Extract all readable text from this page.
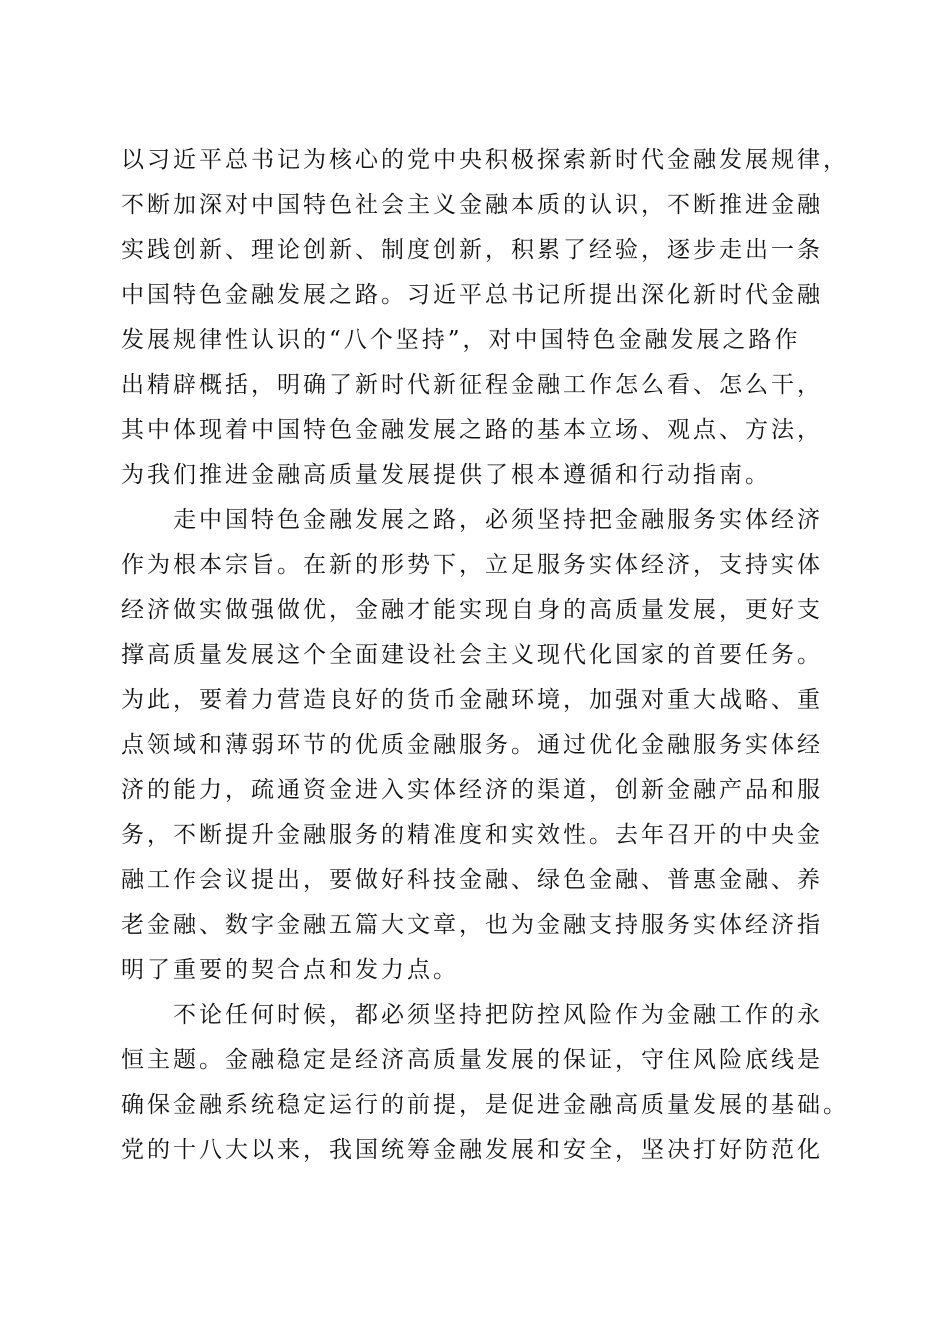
以习近平总书记为核心的党中央积极探索新时代金融发展规律，
不断加深对中国特色社会主义金融本质的认识，不断推进金融
实践创新、理论创新、制度创新，积累了经验，逐步走出一条
中国特色金融发展之路。习近平总书记所提出深化新时代金融
发展规律性认识的“八个坚持”，对中国特色金融发展之路作
出精辟概括，明确了新时代新征程金融工作怎么看、怎么干，
其中体现着中国特色金融发展之路的基本立场、观点、方法，
为我们推进金融高质量发展提供了根本遵循和行动指南。
走中国特色金融发展之路，必须坚持把金融服务实体经济
作为根本宗旨。在新的形势下，立足服务实体经济，支持实体
经济做实做强做优，金融才能实现自身的高质量发展，更好支
撑高质量发展这个全面建设社会主义现代化国家的首要任务。
为此，要着力营造良好的货币金融环境，加强对重大战略、重
点领域和薄弱环节的优质金融服务。通过优化金融服务实体经
济的能力，疏通资金进入实体经济的渠道，创新金融产品和服
务，不断提升金融服务的精准度和实效性。去年召开的中央金
融工作会议提出，要做好科技金融、绿色金融、普惠金融、养
老金融、数字金融五篇大文章，也为金融支持服务实体经济指
明了重要的契合点和发力点。
不论任何时候，都必须坚持把防控风险作为金融工作的永
恒主题。金融稳定是经济高质量发展的保证，守住风险底线是
确保金融系统稳定运行的前提，是促进金融高质量发展的基础。
党的十八大以来，我国统筹金融发展和安全，坚决打好防范化
